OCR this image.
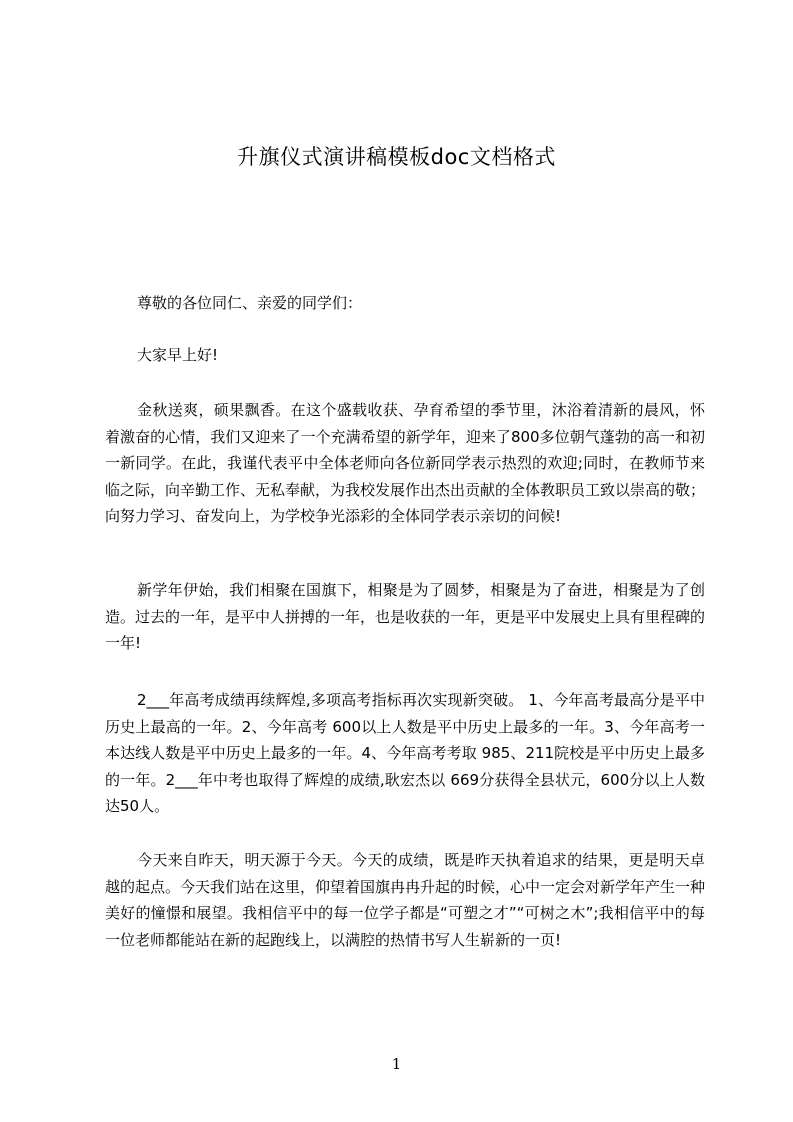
升旗仪式演讲稿模板doc文档格式

尊敬的各位同仁、亲爱的同学们：

大家早上好!

金秋送爽，硕果飘香。在这个盛载收获、孕育希望的季节里，沐浴着清新的晨风，怀着激奋的心情，我们又迎来了一个充满希望的新学年，迎来了800多位朝气蓬勃的高一和初一新同学。在此，我谨代表平中全体老师向各位新同学表示热烈的欢迎;同时，在教师节来临之际，向辛勤工作、无私奉献，为我校发展作出杰出贡献的全体教职员工致以崇高的敬；向努力学习、奋发向上，为学校争光添彩的全体同学表示亲切的问候!

新学年伊始，我们相聚在国旗下，相聚是为了圆梦，相聚是为了奋进，相聚是为了创造。过去的一年，是平中人拼搏的一年，也是收获的一年，更是平中发展史上具有里程碑的一年!

2___年高考成绩再续辉煌,多项高考指标再次实现新突破。 1、今年高考最高分是平中历史上最高的一年。2、今年高考 600以上人数是平中历史上最多的一年。3、今年高考一本达线人数是平中历史上最多的一年。4、今年高考考取 985、211院校是平中历史上最多的一年。2___年中考也取得了辉煌的成绩,耿宏杰以 669分获得全县状元，600分以上人数达50人。

今天来自昨天，明天源于今天。今天的成绩，既是昨天执着追求的结果，更是明天卓越的起点。今天我们站在这里，仰望着国旗冉冉升起的时候，心中一定会对新学年产生一种美好的憧憬和展望。我相信平中的每一位学子都是“可塑之才”“可树之木”;我相信平中的每一位老师都能站在新的起跑线上，以满腔的热情书写人生崭新的一页!

1
